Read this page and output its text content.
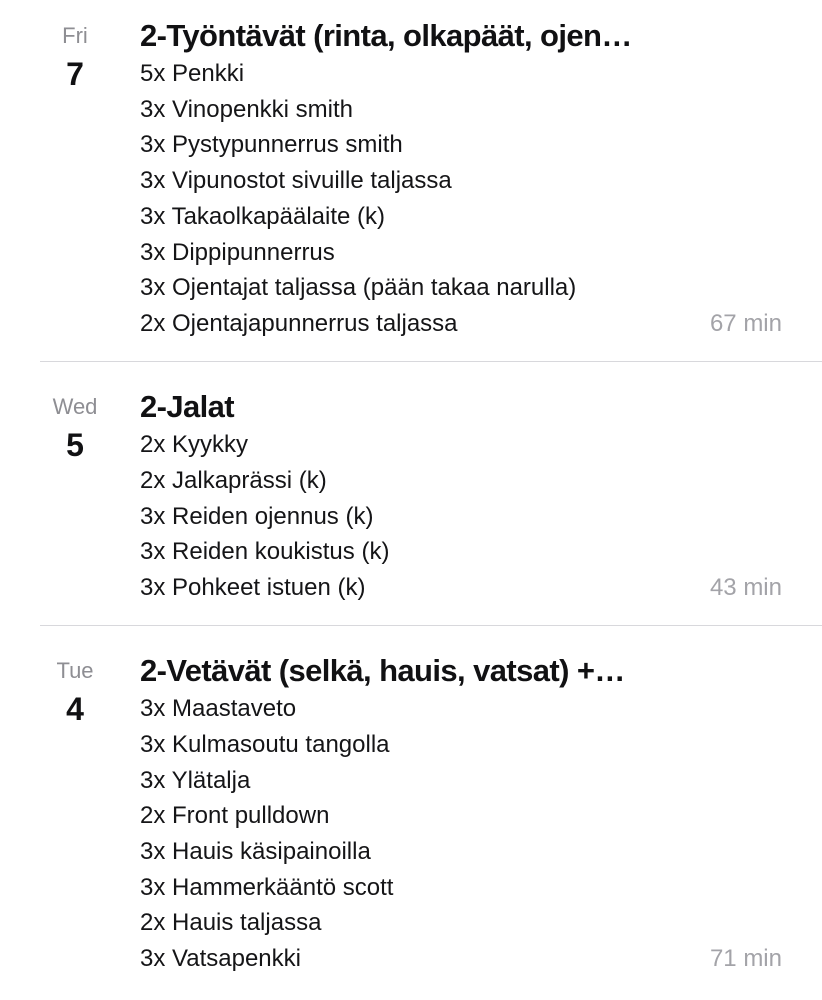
Fri
7
2-Työntävät (rinta, olkapäät, ojen…
5x Penkki
3x Vinopenkki smith
3x Pystypunnerrus smith
3x Vipunostot sivuille taljassa
3x Takaolkapäälaite (k)
3x Dippipunnerrus
3x Ojentajat taljassa (pään takaa narulla)
2x Ojentajapunnerrus taljassa	67 min
Wed
5
2-Jalat
2x Kyykky
2x Jalkaprässi (k)
3x Reiden ojennus (k)
3x Reiden koukistus (k)
3x Pohkeet istuen (k)	43 min
Tue
4
2-Vetävät (selkä, hauis, vatsat) +…
3x Maastaveto
3x Kulmasoutu tangolla
3x Ylätalja
2x Front pulldown
3x Hauis käsipainoilla
3x Hammerkääntö scott
2x Hauis taljassa
3x Vatsapenkki	71 min
